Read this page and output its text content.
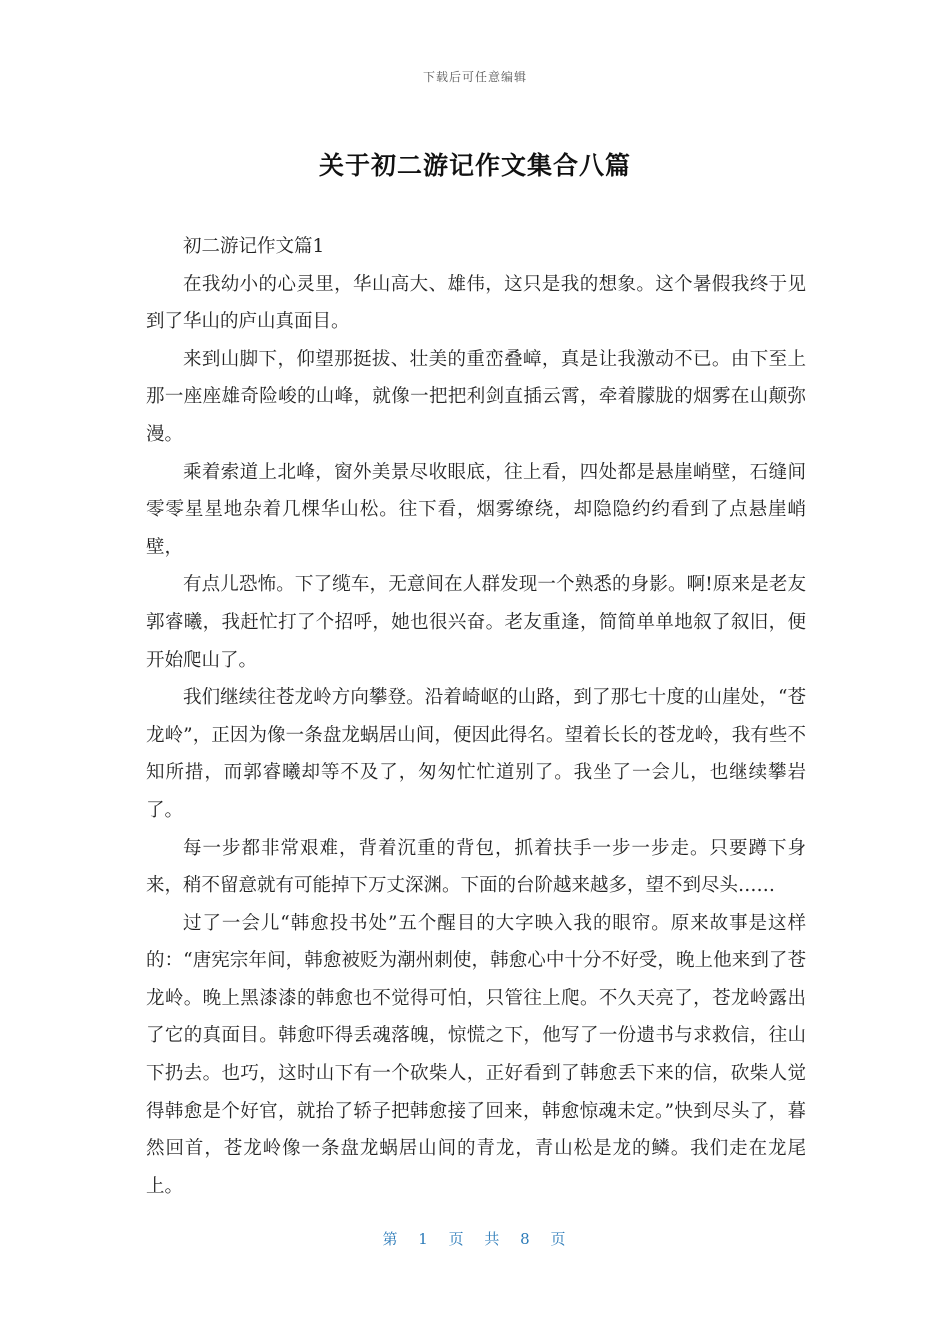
下载后可任意编辑
关于初二游记作文集合八篇

初二游记作文篇1

在我幼小的心灵里，华山高大、雄伟，这只是我的想象。这个暑假我终于见到了华山的庐山真面目。

来到山脚下，仰望那挺拔、壮美的重峦叠嶂，真是让我激动不已。由下至上那一座座雄奇险峻的山峰，就像一把把利剑直插云霄，牵着朦胧的烟雾在山颠弥漫。

乘着索道上北峰，窗外美景尽收眼底，往上看，四处都是悬崖峭壁，石缝间零零星星地杂着几棵华山松。往下看，烟雾缭绕，却隐隐约约看到了点悬崖峭壁，

有点儿恐怖。下了缆车，无意间在人群发现一个熟悉的身影。啊!原来是老友郭睿曦，我赶忙打了个招呼，她也很兴奋。老友重逢，简简单单地叙了叙旧，便开始爬山了。

我们继续往苍龙岭方向攀登。沿着崎岖的山路，到了那七十度的山崖处，“苍龙岭”，正因为像一条盘龙蜗居山间，便因此得名。望着长长的苍龙岭，我有些不知所措，而郭睿曦却等不及了，匆匆忙忙道别了。我坐了一会儿，也继续攀岩了。

每一步都非常艰难，背着沉重的背包，抓着扶手一步一步走。只要蹲下身来，稍不留意就有可能掉下万丈深渊。下面的台阶越来越多，望不到尽头……

过了一会儿“韩愈投书处”五个醒目的大字映入我的眼帘。原来故事是这样的：“唐宪宗年间，韩愈被贬为潮州刺使，韩愈心中十分不好受，晚上他来到了苍龙岭。晚上黑漆漆的韩愈也不觉得可怕，只管往上爬。不久天亮了，苍龙岭露出了它的真面目。韩愈吓得丢魂落魄，惊慌之下，他写了一份遗书与求救信，往山下扔去。也巧，这时山下有一个砍柴人，正好看到了韩愈丢下来的信，砍柴人觉得韩愈是个好官，就抬了轿子把韩愈接了回来，韩愈惊魂未定。”快到尽头了，暮然回首，苍龙岭像一条盘龙蜗居山间的青龙，青山松是龙的鳞。我们走在龙尾上。

第 1 页 共 8 页
